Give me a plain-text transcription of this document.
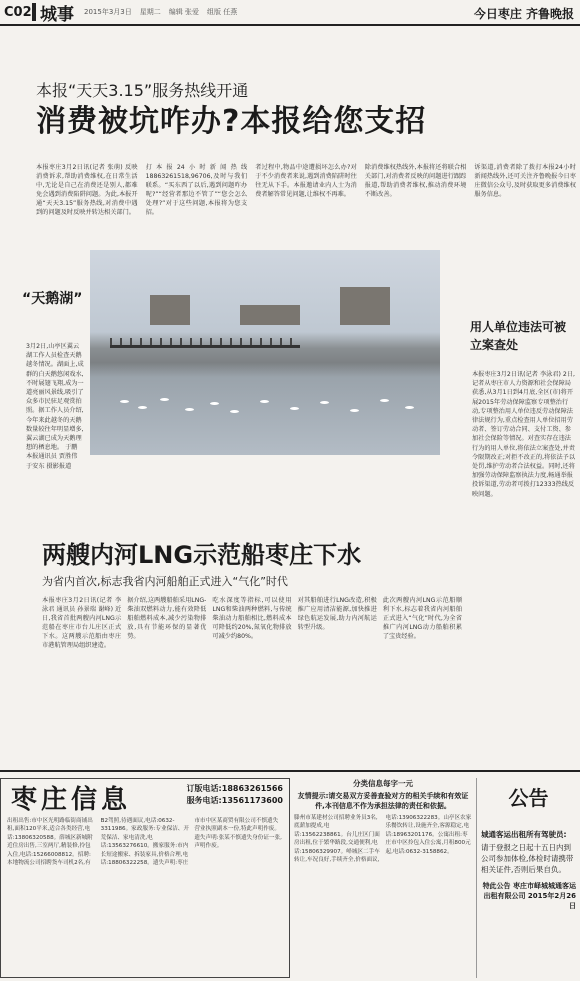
C02 城事 2015年3月3日 星期二 编辑 张爱 组版 任燕	今日枣庄 齐鲁晚报
本报“天天3.15”服务热线开通
消费被坑咋办?本报给您支招
本报枣庄3月2日讯(记者 张萌) 反映消费诉求,帮助消费维权,在日常生活中,无论是自己在消费还是别人,都难免会遇到消费陷阱问题。为此,本报开通“天天3.15”服务热线,对消费中遇到的问题及时反映并转达相关部门。
打本报24小时新闻热线18863261518,96706,及时与我们联系。“买东西了以后,遇到问题咋办呢?”“经营者那边不管了”“您会怎么处理?”对于这些问题,本报将为您支招。
者过程中,物品中途遭损坏怎么办?对于不少消费者来说,遇到消费陷阱时往往无从下手。本报邀请业内人士为消费者解答常见问题,让维权不再难。
除消费维权热线外,本报将还将联合相关部门,对消费者反映的问题进行跟踪报道,帮助消费者维权,推动消费环境不断改善。
诉渠道,消费者除了拨打本报24小时新闻热线外,还可关注齐鲁晚报今日枣庄微信公众号,及时获取更多消费维权服务信息。
“天鹅湖”
3月2日,山亭区翼云湖工作人员检查天鹅越冬情况。湖面上,成群的白天鹅悠闲戏水,不时展翅飞翔,成为一道亮丽风景线,吸引了众多市民驻足观赏拍照。据工作人员介绍,今年来此越冬的天鹅数量较往年明显增多,翼云湖已成为天鹅理想的栖息地。 于鹏 本报通讯员 贾胜伟 于安东 摄影报道
用人单位违法可被立案查处
本报枣庄3月2日讯(记者 李泳君) 2日,记者从枣庄市人力资源和社会保障局获悉,从3月1日到4月底,全区(市)将开展2015年劳动保障监察专项整治行动,专项整治用人单位违反劳动保障法律法规行为,重点检查用人单位招用劳动者、签订劳动合同、支付工资、参加社会保险等情况。对查实存在违法行为的用人单位,将依法立案查处,并责令限期改正;对拒不改正的,将依法予以处罚,维护劳动者合法权益。同时,还将加强劳动保障监察执法力度,畅通举报投诉渠道,劳动者可拨打12333热线反映问题。
两艘内河LNG示范船枣庄下水
为省内首次,标志我省内河船舶正式进入“气化”时代
本报枣庄3月2日讯(记者 李泳君 通讯员 孙景瑞 谢峰) 近日,我省首批两艘内河LNG示范船在枣庄市台儿庄区正式下水。这两艘示范船由枣庄市港航管理局组织建造。
据介绍,这两艘船舶采用LNG-柴油双燃料动力,能有效降低船舶燃料成本,减少污染物排放,具有节能环保的显著优势。
吃水深度等指标,可以使用LNG和柴油两种燃料,与传统柴油动力船舶相比,燃料成本可降低约20%,氮氧化物排放可减少约80%。
对其船舶进行LNG改造,积极推广应用清洁能源,加快推进绿色航运发展,助力内河航运转型升级。
此次两艘内河LNG示范船顺利下水,标志着我省内河船舶正式进入“气化”时代,为全省推广内河LNG动力船舶积累了宝贵经验。
枣庄信息	订版电话:18863261566
服务电话:13561173600
出租出售:市中区光明路临街商铺出租,面积120平米,适合各类经营,电话:13806320588。薛城区新城附近住房出售,三室两厅,精装修,拎包入住,电话:15266008812。招聘:本地物流公司招聘货车司机2名,有B2驾照,待遇面议,电话:0632-3311986。家政服务:专业保洁、开荒保洁、家电清洗,电话:13563276610。搬家服务:市内长短途搬家、拆装家具,价格合理,电话:18806322258。遗失声明:枣庄市市中区某商贸有限公司不慎遗失营业执照副本一份,特此声明作废。遗失声明:张某不慎遗失身份证一张,声明作废。
分类信息每字一元
友情提示:请交易双方妥善查验对方的相关手续和有效证件,本刊信息不作为承担法律的责任和依据。
滕州市某建材公司招聘业务员3名,底薪加提成,电话:13562238861。台儿庄区门面房出租,位于繁华路段,交通便利,电话:15806329907。峄城区二手车转让,车况良好,手续齐全,价格面议,电话:13906322283。山亭区农家乐餐饮转让,设施齐全,客源稳定,电话:18963201176。公寓出租:枣庄市中区拎包入住公寓,月租800元起,电话:0632-3158862。
公告
城通客运出租所有驾驶员:
请于登报之日起十五日内到公司参加体检,体检时请携带相关证件,否则后果自负。
特此公告 枣庄市峄城城通客运出租有限公司 2015年2月26日
